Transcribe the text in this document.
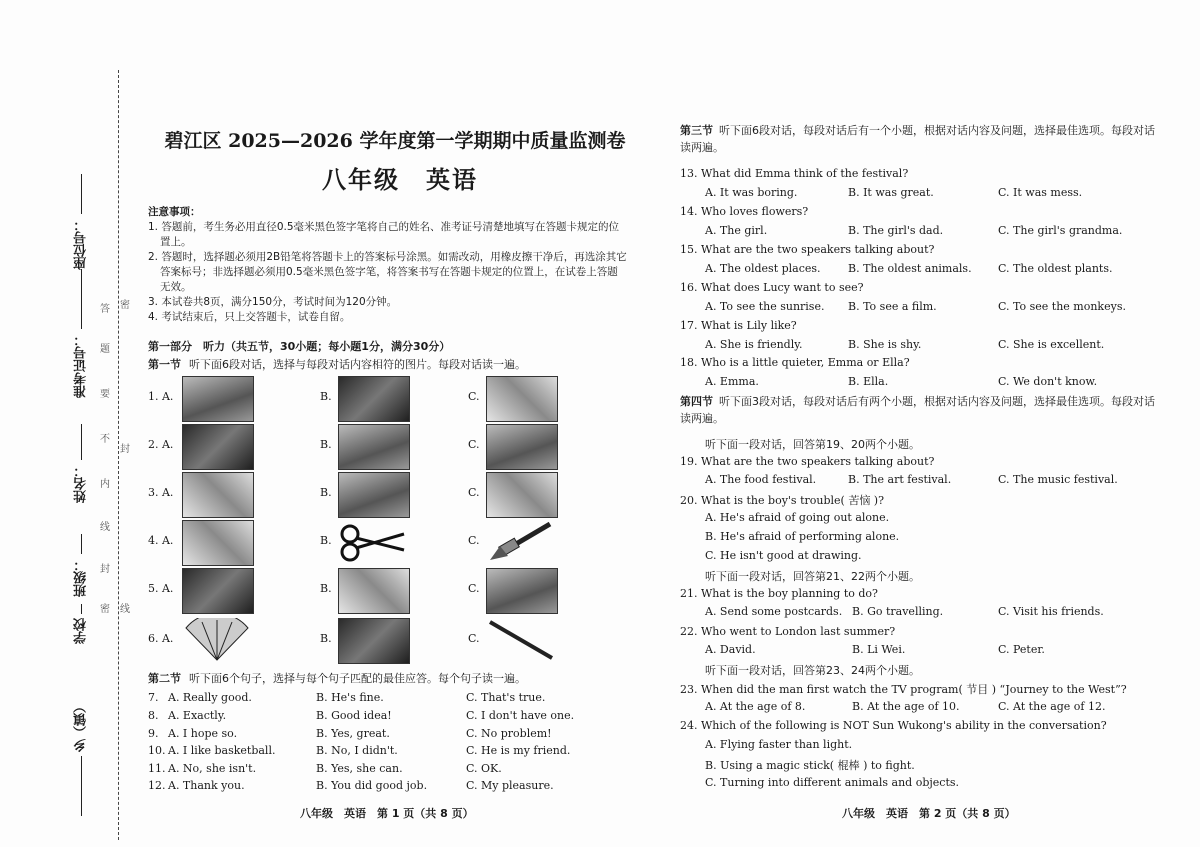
座位号：
准考证号：
姓名：
班级：
学校
乡（镇）
答
题
要
不
内
线
封
密
密
封
线
碧江区 2025—2026 学年度第一学期期中质量监测卷
八年级　英语
注意事项：

1. 答题前，考生务必用直径0.5毫米黑色签字笔将自己的姓名、准考证号清楚地填写在答题卡规定的位置上。

2. 答题时，选择题必须用2B铅笔将答题卡上的答案标号涂黑。如需改动，用橡皮擦干净后，再选涂其它答案标号；非选择题必须用0.5毫米黑色签字笔，将答案书写在答题卡规定的位置上，在试卷上答题无效。

3. 本试卷共8页，满分150分，考试时间为120分钟。

4. 考试结束后，只上交答题卡，试卷自留。

第一部分　听力（共五节，30小题；每小题1分，满分30分）
第一节 听下面6段对话，选择与每段对话内容相符的图片。每段对话读一遍。
1. A.	B.	C.
2. A.	B.	C.
3. A.	B.	C.
4. A.	B.	C.
5. A.	B.	C.
6. A.	B.	C.
第二节 听下面6个句子，选择与每个句子匹配的最佳应答。每个句子读一遍。
7. A. Really good.	B. He's fine.	C. That's true.
8. A. Exactly.	B. Good idea!	C. I don't have one.
9. A. I hope so.	B. Yes, great.	C. No problem!
10. A. I like basketball.	B. No, I didn't.	C. He is my friend.
11. A. No, she isn't.	B. Yes, she can.	C. OK.
12. A. Thank you.	B. You did good job.	C. My pleasure.
第三节 听下面6段对话，每段对话后有一个小题，根据对话内容及问题，选择最佳选项。每段对话读两遍。
13. What did Emma think of the festival?
A. It was boring.	B. It was great.	C. It was mess.
14. Who loves flowers?
A. The girl.	B. The girl's dad.	C. The girl's grandma.
15. What are the two speakers talking about?
A. The oldest places. B. The oldest animals. C. The oldest plants.
16. What does Lucy want to see?
A. To see the sunrise. B. To see a film.	C. To see the monkeys.
17. What is Lily like?
A. She is friendly.	B. She is shy.	C. She is excellent.
18. Who is a little quieter, Emma or Ella?
A. Emma.	B. Ella.	C. We don't know.
第四节 听下面3段对话，每段对话后有两个小题，根据对话内容及问题，选择最佳选项。每段对话读两遍。
听下面一段对话，回答第19、20两个小题。
19. What are the two speakers talking about?
A. The food festival.	B. The art festival.	C. The music festival.
20. What is the boy's trouble( 苦恼 )?
A. He's afraid of going out alone.
B. He's afraid of performing alone.
C. He isn't good at drawing.
听下面一段对话，回答第21、22两个小题。
21. What is the boy planning to do?
A. Send some postcards. B. Go travelling.	C. Visit his friends.
22. Who went to London last summer?
A. David.	B. Li Wei.	C. Peter.
听下面一段对话，回答第23、24两个小题。
23. When did the man first watch the TV program( 节目 ) “Journey to the West”?
A. At the age of 8.	B. At the age of 10.	C. At the age of 12.
24. Which of the following is NOT Sun Wukong's ability in the conversation?
A. Flying faster than light.
B. Using a magic stick( 棍棒 ) to fight.
C. Turning into different animals and objects.
八年级　英语　第 1 页（共 8 页）	八年级　英语　第 2 页（共 8 页）
